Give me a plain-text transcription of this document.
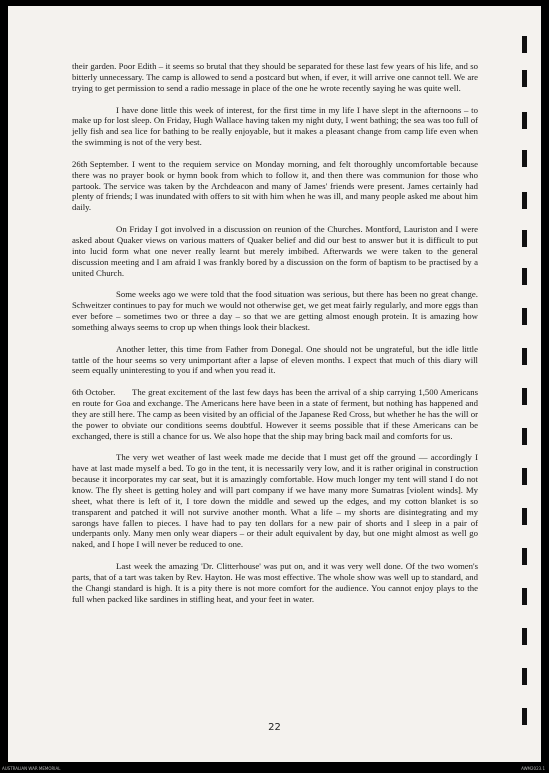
their garden. Poor Edith – it seems so brutal that they should be separated for these last few years of his life, and so bitterly unnecessary. The camp is allowed to send a postcard but when, if ever, it will arrive one cannot tell. We are trying to get permission to send a radio message in place of the one he wrote recently saying he was quite well.

I have done little this week of interest, for the first time in my life I have slept in the afternoons – to make up for lost sleep. On Friday, Hugh Wallace having taken my night duty, I went bathing; the sea was too full of jelly fish and sea lice for bathing to be really enjoyable, but it makes a pleasant change from camp life even when the swimming is not of the very best.

26th September. I went to the requiem service on Monday morning, and felt thoroughly uncomfortable because there was no prayer book or hymn book from which to follow it, and then there was communion for those who partook. The service was taken by the Archdeacon and many of James' friends were present. James certainly had plenty of friends; I was inundated with offers to sit with him when he was ill, and many people asked me about him daily.

On Friday I got involved in a discussion on reunion of the Churches. Montford, Lauriston and I were asked about Quaker views on various matters of Quaker belief and did our best to answer but it is difficult to put into lucid form what one never really learnt but merely imbibed. Afterwards we were taken to the general discussion meeting and I am afraid I was frankly bored by a discussion on the form of baptism to be practised by a united Church.

Some weeks ago we were told that the food situation was serious, but there has been no great change. Schweitzer continues to pay for much we would not otherwise get, we get meat fairly regularly, and more eggs than ever before – sometimes two or three a day – so that we are getting almost enough protein. It is amazing how something always seems to crop up when things look their blackest.

Another letter, this time from Father from Donegal. One should not be ungrateful, but the idle little tattle of the hour seems so very unimportant after a lapse of eleven months. I expect that much of this diary will seem equally uninteresting to you if and when you read it.

6th October. The great excitement of the last few days has been the arrival of a ship carrying 1,500 Americans en route for Goa and exchange. The Americans here have been in a state of ferment, but nothing has happened and they are still here. The camp as been visited by an official of the Japanese Red Cross, but whether he has the will or the power to obviate our conditions seems doubtful. However it seems possible that if these Americans can be exchanged, there is still a chance for us. We also hope that the ship may bring back mail and comforts for us.

The very wet weather of last week made me decide that I must get off the ground — accordingly I have at last made myself a bed. To go in the tent, it is necessarily very low, and it is rather original in construction because it incorporates my car seat, but it is amazingly comfortable. How much longer my tent will stand I do not know. The fly sheet is getting holey and will part company if we have many more Sumatras [violent winds]. My sheet, what there is left of it, I tore down the middle and sewed up the edges, and my cotton blanket is so transparent and patched it will not survive another month. What a life – my shorts are disintegrating and my sarongs have fallen to pieces. I have had to pay ten dollars for a new pair of shorts and I sleep in a pair of underpants only. Many men only wear diapers – or their adult equivalent by day, but one might almost as well go naked, and I hope I will never be reduced to one.

Last week the amazing 'Dr. Clitterhouse' was put on, and it was very well done. Of the two women's parts, that of a tart was taken by Rev. Hayton. He was most effective. The whole show was well up to standard, and the Changi standard is high. It is a pity there is not more comfort for the audience. You cannot enjoy plays to the full when packed like sardines in stifling heat, and your feet in water.

22
AUSTRALIAN WAR MEMORIAL	AWM2023.1
